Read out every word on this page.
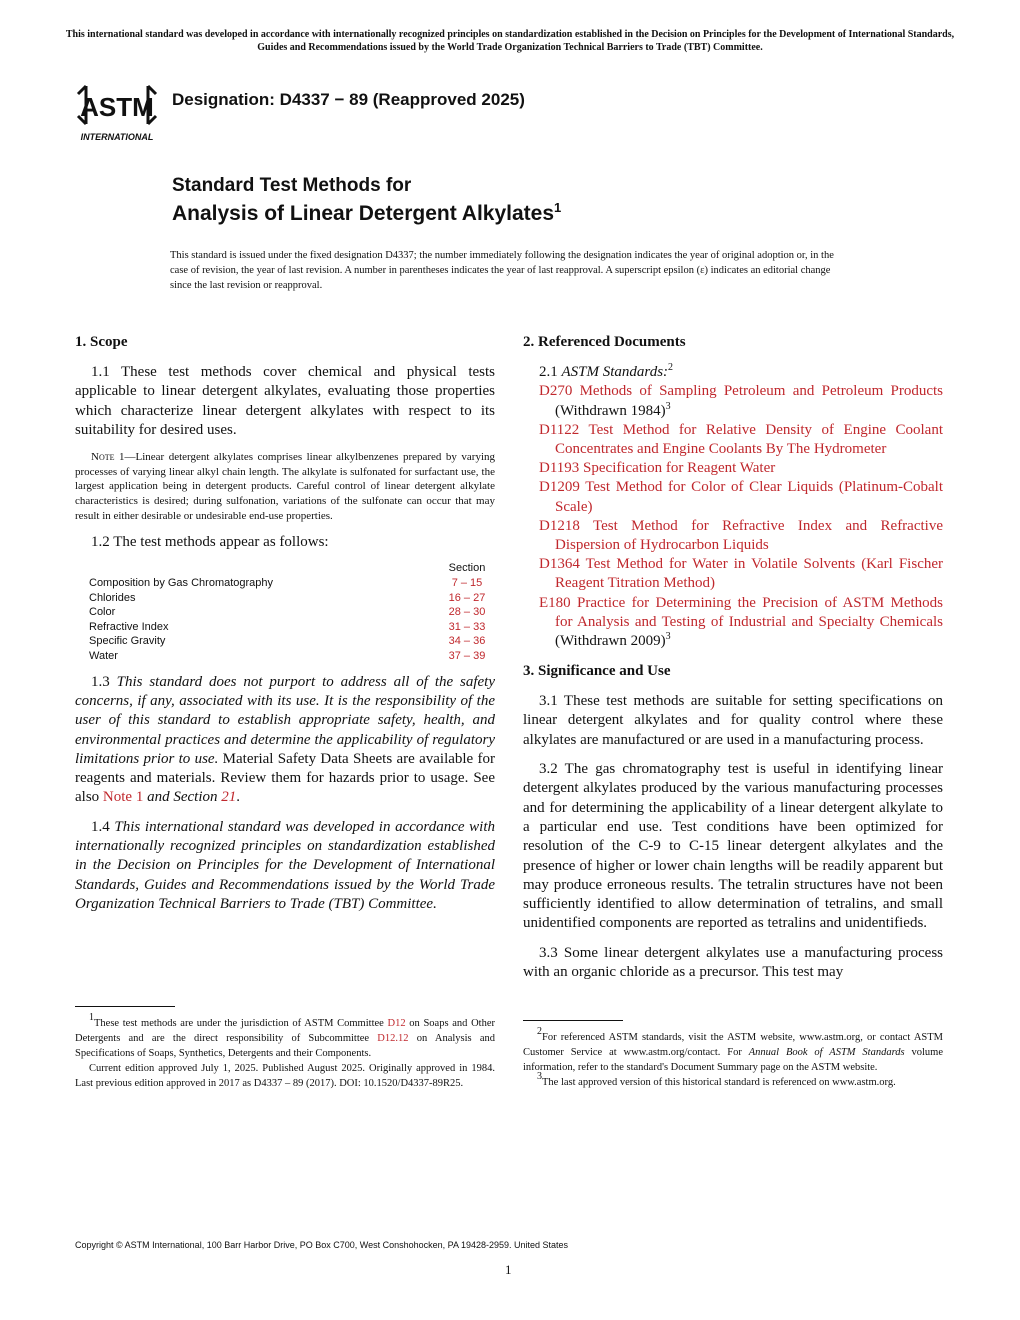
This international standard was developed in accordance with internationally recognized principles on standardization established in the Decision on Principles for the Development of International Standards, Guides and Recommendations issued by the World Trade Organization Technical Barriers to Trade (TBT) Committee.
ASTM
INTERNATIONAL
Designation: D4337 − 89 (Reapproved 2025)
Standard Test Methods for
Analysis of Linear Detergent Alkylates$^1$
This standard is issued under the fixed designation D4337; the number immediately following the designation indicates the year of original adoption or, in the case of revision, the year of last revision. A number in parentheses indicates the year of last reapproval. A superscript epsilon (ε) indicates an editorial change since the last revision or reapproval.
1. Scope

1.1 These test methods cover chemical and physical tests applicable to linear detergent alkylates, evaluating those properties which characterize linear detergent alkylates with respect to its suitability for desired uses.

Note 1—Linear detergent alkylates comprises linear alkylbenzenes prepared by varying processes of varying linear alkyl chain length. The alkylate is sulfonated for surfactant use, the largest application being in detergent products. Careful control of linear detergent alkylate characteristics is desired; during sulfonation, variations of the sulfonate can occur that may result in either desirable or undesirable end-use properties.

1.2 The test methods appear as follows:

	Section
Composition by Gas Chromatography	7 – 15
Chlorides	16 – 27
Color	28 – 30
Refractive Index	31 – 33
Specific Gravity	34 – 36
Water	37 – 39

1.3 This standard does not purport to address all of the safety concerns, if any, associated with its use. It is the responsibility of the user of this standard to establish appropriate safety, health, and environmental practices and determine the applicability of regulatory limitations prior to use. Material Safety Data Sheets are available for reagents and materials. Review them for hazards prior to usage. See also Note 1 and Section 21.

1.4 This international standard was developed in accordance with internationally recognized principles on standardization established in the Decision on Principles for the Development of International Standards, Guides and Recommendations issued by the World Trade Organization Technical Barriers to Trade (TBT) Committee.

2. Referenced Documents

2.1 ASTM Standards:$^2$

D270 Methods of Sampling Petroleum and Petroleum Products (Withdrawn 1984)$^3$
D1122 Test Method for Relative Density of Engine Coolant Concentrates and Engine Coolants By The Hydrometer
D1193 Specification for Reagent Water
D1209 Test Method for Color of Clear Liquids (Platinum-Cobalt Scale)
D1218 Test Method for Refractive Index and Refractive Dispersion of Hydrocarbon Liquids
D1364 Test Method for Water in Volatile Solvents (Karl Fischer Reagent Titration Method)
E180 Practice for Determining the Precision of ASTM Methods for Analysis and Testing of Industrial and Specialty Chemicals (Withdrawn 2009)$^3$
3. Significance and Use

3.1 These test methods are suitable for setting specifications on linear detergent alkylates and for quality control where these alkylates are manufactured or are used in a manufacturing process.

3.2 The gas chromatography test is useful in identifying linear detergent alkylates produced by the various manufacturing processes and for determining the applicability of a linear detergent alkylate to a particular end use. Test conditions have been optimized for resolution of the C-9 to C-15 linear detergent alkylates and the presence of higher or lower chain lengths will be readily apparent but may produce erroneous results. The tetralin structures have not been sufficiently identified to allow determination of tetralins, and small unidentified components are reported as tetralins and unidentifieds.

3.3 Some linear detergent alkylates use a manufacturing process with an organic chloride as a precursor. This test may

$^1$These test methods are under the jurisdiction of ASTM Committee D12 on Soaps and Other Detergents and are the direct responsibility of Subcommittee D12.12 on Analysis and Specifications of Soaps, Synthetics, Detergents and their Components.

Current edition approved July 1, 2025. Published August 2025. Originally approved in 1984. Last previous edition approved in 2017 as D4337 – 89 (2017). DOI: 10.1520/D4337-89R25.

$^2$For referenced ASTM standards, visit the ASTM website, www.astm.org, or contact ASTM Customer Service at www.astm.org/contact. For Annual Book of ASTM Standards volume information, refer to the standard's Document Summary page on the ASTM website.

$^3$The last approved version of this historical standard is referenced on www.astm.org.

Copyright © ASTM International, 100 Barr Harbor Drive, PO Box C700, West Conshohocken, PA 19428-2959. United States
1
